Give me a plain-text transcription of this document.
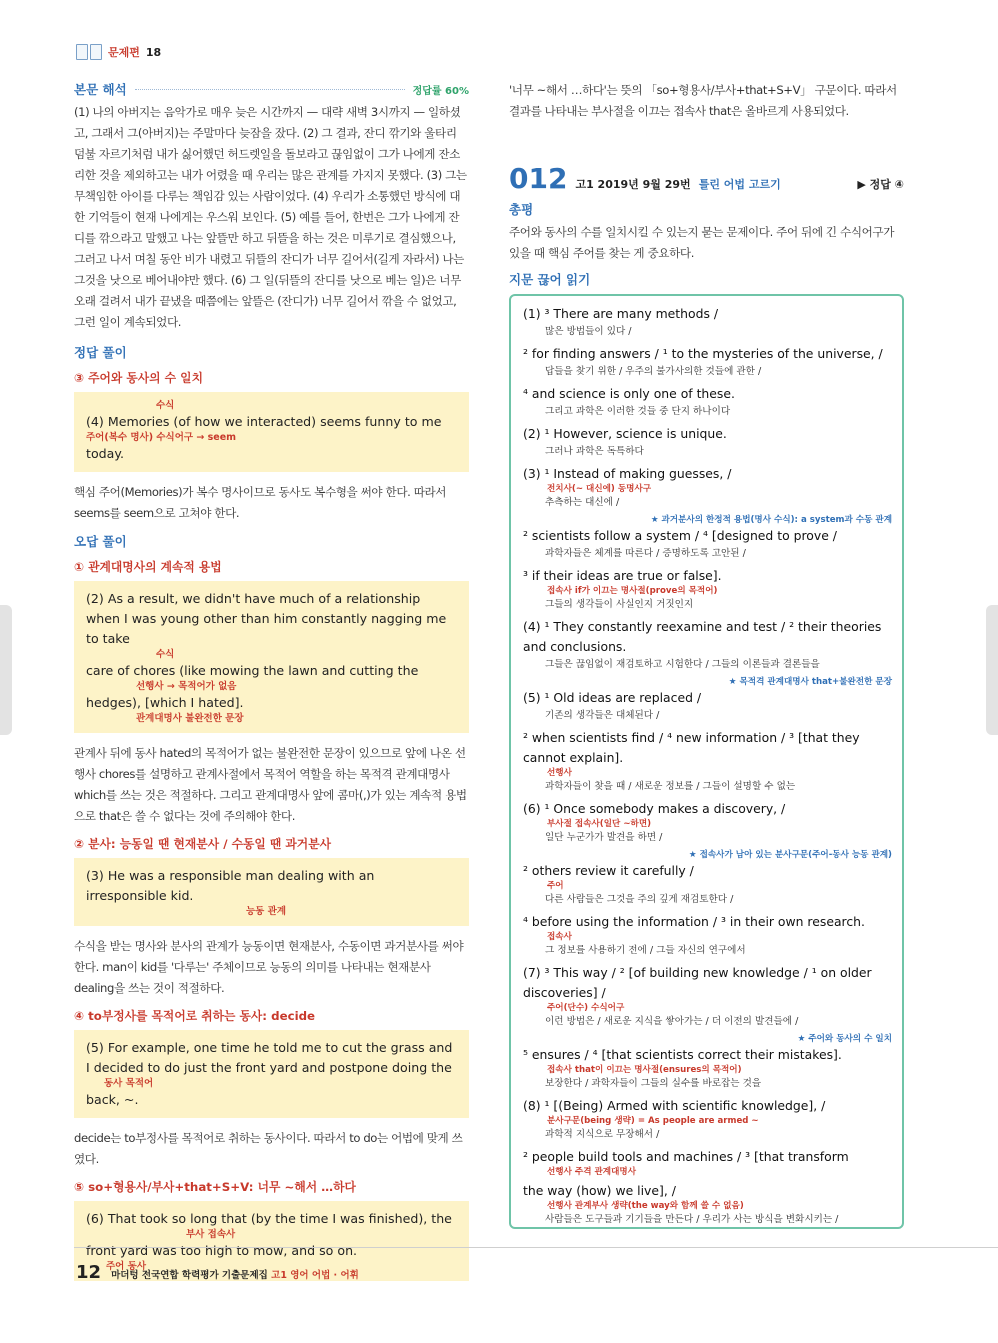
문제편 18
본문 해석	정답률 60%

(1) 나의 아버지는 음악가로 매우 늦은 시간까지 — 대략 새벽 3시까지 — 일하셨고, 그래서 그(아버지)는 주말마다 늦잠을 잤다. (2) 그 결과, 잔디 깎기와 울타리 덤불 자르기처럼 내가 싫어했던 허드렛일을 돌보라고 끊임없이 그가 나에게 잔소리한 것을 제외하고는 내가 어렸을 때 우리는 많은 관계를 가지지 못했다. (3) 그는 무책임한 아이를 다루는 책임감 있는 사람이었다. (4) 우리가 소통했던 방식에 대한 기억들이 현재 나에게는 우스워 보인다. (5) 예를 들어, 한번은 그가 나에게 잔디를 깎으라고 말했고 나는 앞뜰만 하고 뒤뜰을 하는 것은 미루기로 결심했으나, 그러고 나서 며칠 동안 비가 내렸고 뒤뜰의 잔디가 너무 길어서(길게 자라서) 나는 그것을 낫으로 베어내야만 했다. (6) 그 일(뒤뜰의 잔디를 낫으로 베는 일)은 너무 오래 걸려서 내가 끝냈을 때쯤에는 앞뜰은 (잔디가) 너무 길어서 깎을 수 없었고, 그런 일이 계속되었다.

정답 풀이
③ 주어와 동사의 수 일치
수식
(4) Memories (of how we interacted) seems funny to me
주어(복수 명사) 수식어구 → seem
today.

핵심 주어(Memories)가 복수 명사이므로 동사도 복수형을 써야 한다. 따라서 seems를 seem으로 고쳐야 한다.

오답 풀이
① 관계대명사의 계속적 용법
(2) As a result, we didn't have much of a relationship when I was young other than him constantly nagging me to take
수식
care of chores (like mowing the lawn and cutting the
선행사 → 목적어가 없음
hedges), [which I hated].
관계대명사 불완전한 문장

관계사 뒤에 동사 hated의 목적어가 없는 불완전한 문장이 있으므로 앞에 나온 선행사 chores를 설명하고 관계사절에서 목적어 역할을 하는 목적격 관계대명사 which를 쓰는 것은 적절하다. 그리고 관계대명사 앞에 콤마(,)가 있는 계속적 용법으로 that은 쓸 수 없다는 것에 주의해야 한다.

② 분사: 능동일 땐 현재분사 / 수동일 땐 과거분사
(3) He was a responsible man dealing with an irresponsible kid.
능동 관계

수식을 받는 명사와 분사의 관계가 능동이면 현재분사, 수동이면 과거분사를 써야 한다. man이 kid를 '다루는' 주체이므로 능동의 의미를 나타내는 현재분사 dealing을 쓰는 것이 적절하다.

④ to부정사를 목적어로 취하는 동사: decide
(5) For example, one time he told me to cut the grass and I decided to do just the front yard and postpone doing the
동사 목적어
back, ~.

decide는 to부정사를 목적어로 취하는 동사이다. 따라서 to do는 어법에 맞게 쓰였다.

⑤ so+형용사/부사+that+S+V: 너무 ~해서 …하다
(6) That took so long that (by the time I was finished), the
부사 접속사
front yard was too high to mow, and so on.
주어 동사

'너무 ~해서 …하다'는 뜻의 「so+형용사/부사+that+S+V」 구문이다. 따라서 결과를 나타내는 부사절을 이끄는 접속사 that은 올바르게 사용되었다.

012 고1 2019년 9월 29번 틀린 어법 고르기	▶ 정답 ④
총평

주어와 동사의 수를 일치시킬 수 있는지 묻는 문제이다. 주어 뒤에 긴 수식어구가 있을 때 핵심 주어를 찾는 게 중요하다.

지문 끊어 읽기
(1) ³ There are many methods /
많은 방법들이 있다 /
² for finding answers / ¹ to the mysteries of the universe, /
답들을 찾기 위한 / 우주의 불가사의한 것들에 관한 /
⁴ and science is only one of these.
그리고 과학은 이러한 것들 중 단지 하나이다
(2) ¹ However, science is unique.
그러나 과학은 독특하다
(3) ¹ Instead of making guesses, /
전치사(~ 대신에) 동명사구
추측하는 대신에 /
★ 과거분사의 한정적 용법(명사 수식): a system과 수동 관계
² scientists follow a system / ⁴ [designed to prove /
과학자들은 체계를 따른다 / 증명하도록 고안된 /
³ if their ideas are true or false].
접속사 if가 이끄는 명사절(prove의 목적어)
그들의 생각들이 사실인지 거짓인지
(4) ¹ They constantly reexamine and test / ² their theories and conclusions.
그들은 끊임없이 재검토하고 시험한다 / 그들의 이론들과 결론들을
★ 목적격 관계대명사 that+불완전한 문장
(5) ¹ Old ideas are replaced /
기존의 생각들은 대체된다 /
² when scientists find / ⁴ new information / ³ [that they cannot explain].
선행사
과학자들이 찾을 때 / 새로운 정보를 / 그들이 설명할 수 없는
(6) ¹ Once somebody makes a discovery, /
부사절 접속사(일단 ~하면)
일단 누군가가 발견을 하면 /
★ 접속사가 남아 있는 분사구문(주어-동사 능동 관계)
² others review it carefully /
주어
다른 사람들은 그것을 주의 깊게 재검토한다 /
⁴ before using the information / ³ in their own research.
접속사
그 정보를 사용하기 전에 / 그들 자신의 연구에서
(7) ³ This way / ² [of building new knowledge / ¹ on older discoveries] /
주어(단수) 수식어구
이런 방법은 / 새로운 지식을 쌓아가는 / 더 이전의 발견들에 /
★ 주어와 동사의 수 일치
⁵ ensures / ⁴ [that scientists correct their mistakes].
접속사 that이 이끄는 명사절(ensures의 목적어)
보장한다 / 과학자들이 그들의 실수를 바로잡는 것을
(8) ¹ [(Being) Armed with scientific knowledge], /
분사구문(being 생략) = As people are armed ~
과학적 지식으로 무장해서 /
² people build tools and machines / ³ [that transform
선행사 주격 관계대명사
the way (how) we live], /
선행사 관계부사 생략(the way와 함께 쓸 수 없음)
사람들은 도구들과 기기들을 만든다 / 우리가 사는 방식을 변화시키는 /
12 마더텅 전국연합 학력평가 기출문제집 고1 영어 어법 · 어휘
